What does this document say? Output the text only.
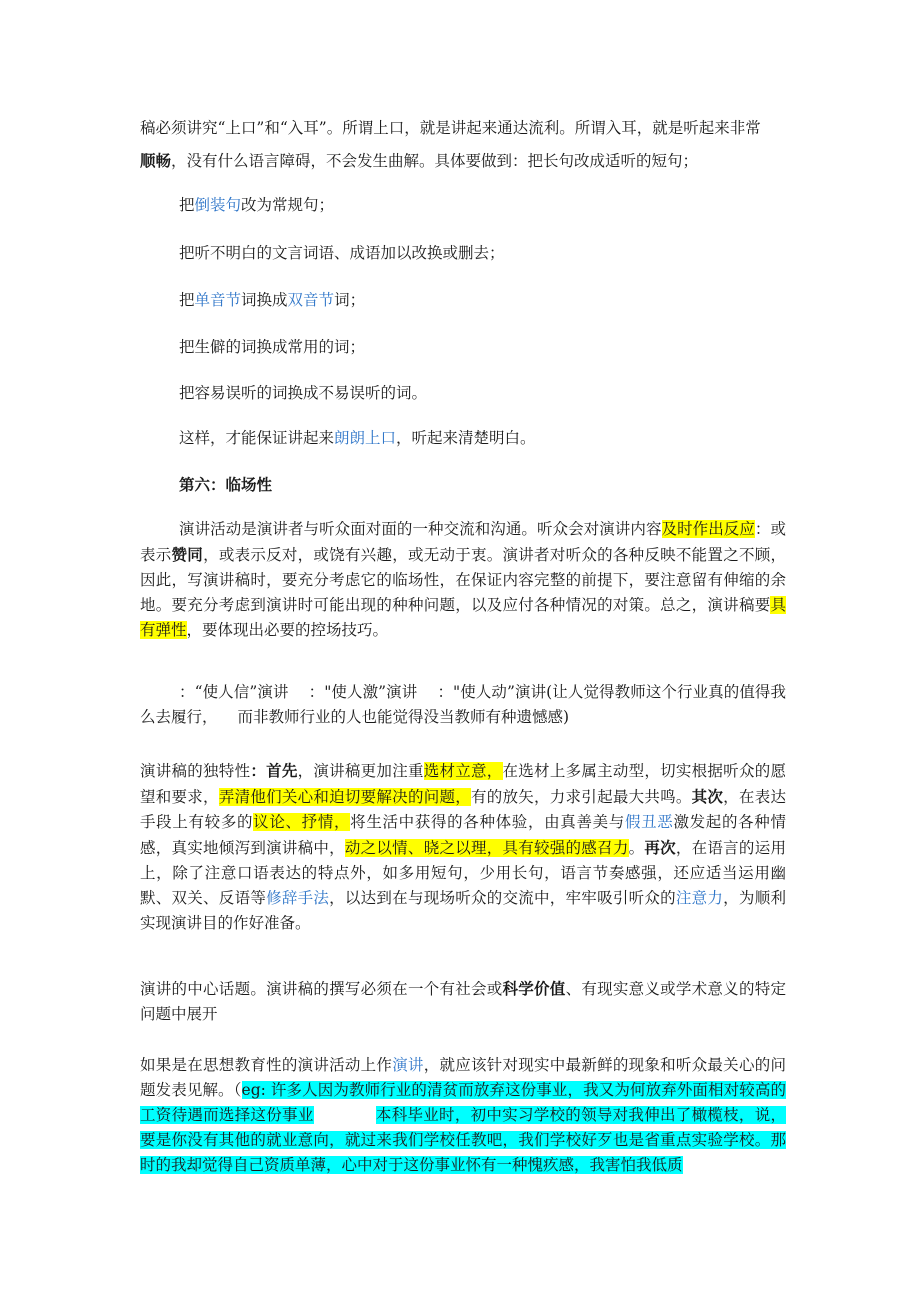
稿必须讲究“上口”和“入耳”。所谓上口，就是讲起来通达流利。所谓入耳，就是听起来非常
顺畅，没有什么语言障碍，不会发生曲解。具体要做到：把长句改成适听的短句；
把倒装句改为常规句；
把听不明白的文言词语、成语加以改换或删去；
把单音节词换成双音节词；
把生僻的词换成常用的词；
把容易误听的词换成不易误听的词。
这样，才能保证讲起来朗朗上口，听起来清楚明白。
第六：临场性
演讲活动是演讲者与听众面对面的一种交流和沟通。听众会对演讲内容及时作出反应：或表示赞同，或表示反对，或饶有兴趣，或无动于衷。演讲者对听众的各种反映不能置之不顾，因此，写演讲稿时，要充分考虑它的临场性，在保证内容完整的前提下，要注意留有伸缩的余地。要充分考虑到演讲时可能出现的种种问题，以及应付各种情况的对策。总之，演讲稿要具有弹性，要体现出必要的控场技巧。
：“使人信”演讲 ："使人激”演讲 ："使人动”演讲(让人觉得教师这个行业真的值得我么去履行， 而非教师行业的人也能觉得没当教师有种遗憾感)
演讲稿的独特性：首先，演讲稿更加注重选材立意，在选材上多属主动型，切实根据听众的愿望和要求，弄清他们关心和迫切要解决的问题，有的放矢，力求引起最大共鸣。其次，在表达手段上有较多的议论、抒情，将生活中获得的各种体验，由真善美与假丑恶激发起的各种情感，真实地倾泻到演讲稿中，动之以情、晓之以理，具有较强的感召力。再次，在语言的运用上，除了注意口语表达的特点外，如多用短句，少用长句，语言节奏感强，还应适当运用幽默、双关、反语等修辞手法，以达到在与现场听众的交流中，牢牢吸引听众的注意力，为顺利实现演讲目的作好准备。
演讲的中心话题。演讲稿的撰写必须在一个有社会或科学价值、有现实意义或学术意义的特定问题中展开
如果是在思想教育性的演讲活动上作演讲，就应该针对现实中最新鲜的现象和听众最关心的问题发表见解。（eg: 许多人因为教师行业的清贫而放弃这份事业，我又为何放弃外面相对较高的工资待遇而选择这份事业	本科毕业时，初中实习学校的领导对我伸出了橄榄枝，说，要是你没有其他的就业意向，就过来我们学校任教吧，我们学校好歹也是省重点实验学校。那时的我却觉得自己资质单薄，心中对于这份事业怀有一种愧疚感，我害怕我低质
